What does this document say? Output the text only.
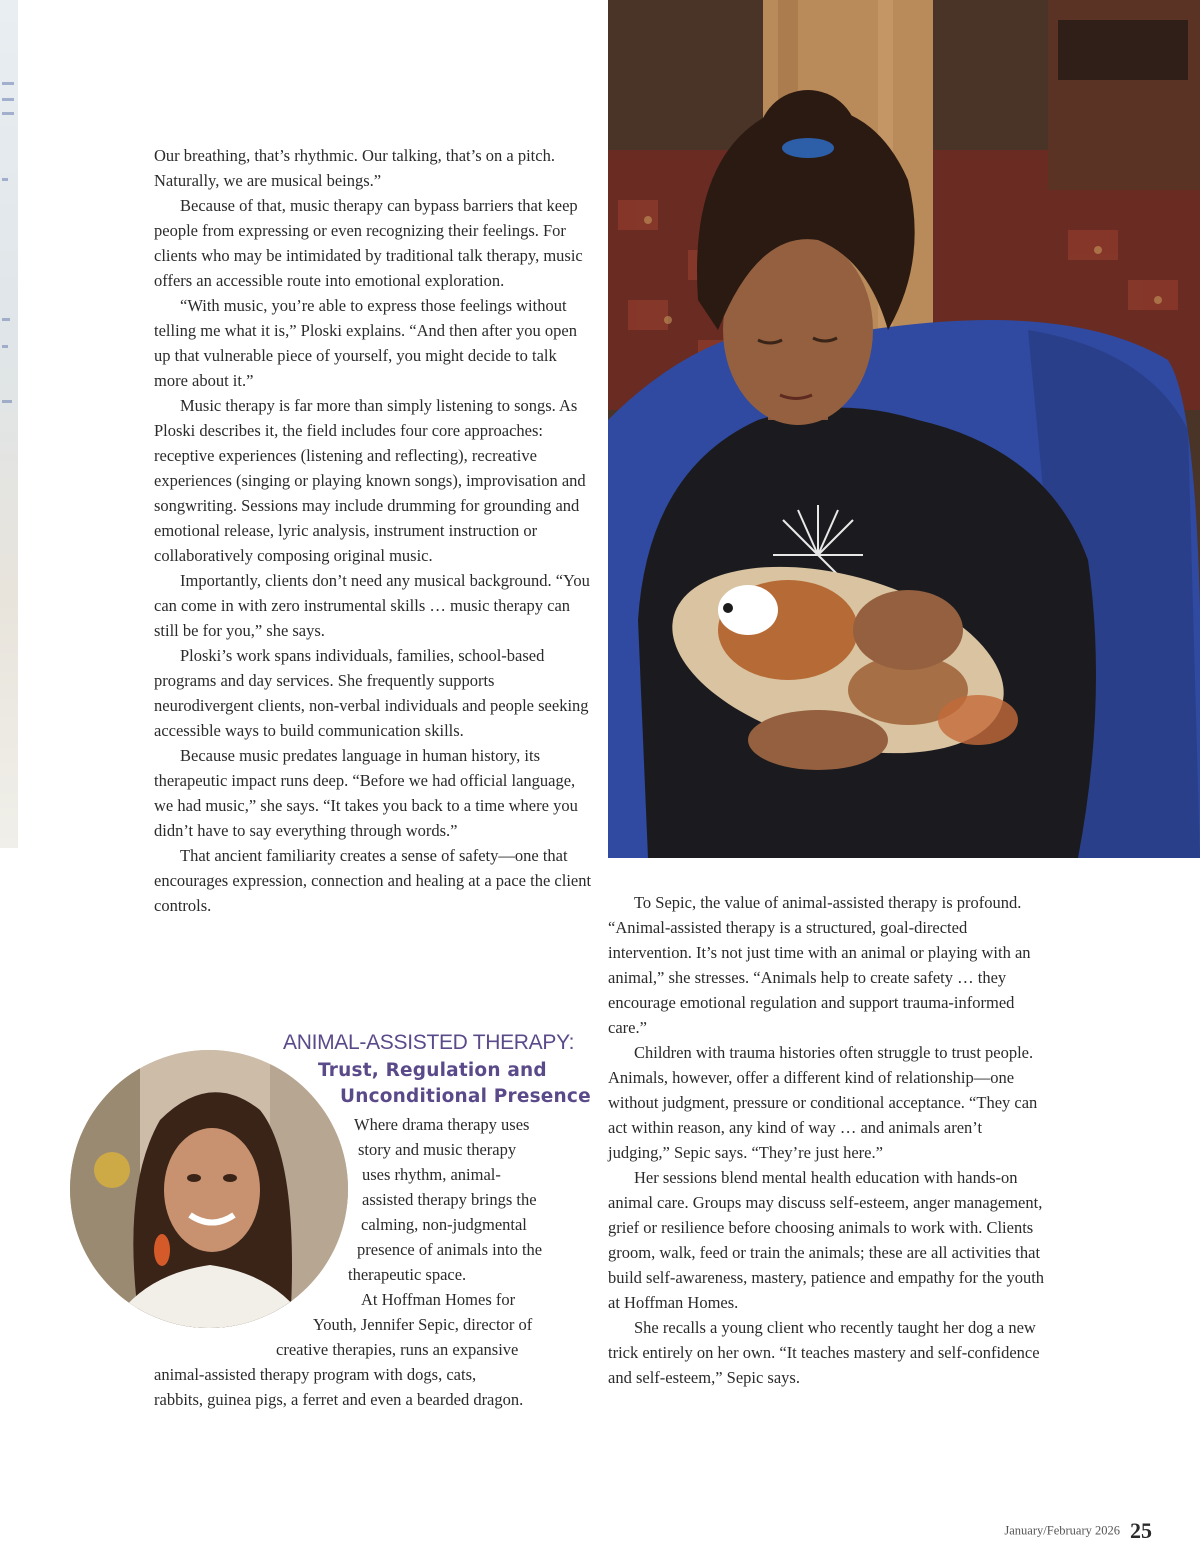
Our breathing, that’s rhythmic. Our talking, that’s on a pitch. Naturally, we are musical beings.”

Because of that, music therapy can bypass barriers that keep people from expressing or even recognizing their feelings. For clients who may be intimidated by traditional talk therapy, music offers an accessible route into emotional exploration.

“With music, you’re able to express those feelings without telling me what it is,” Ploski explains. “And then after you open up that vulnerable piece of yourself, you might decide to talk more about it.”

Music therapy is far more than simply listening to songs. As Ploski describes it, the field includes four core approaches: receptive experiences (listening and reflecting), recreative experiences (singing or playing known songs), improvisation and songwriting. Sessions may include drumming for grounding and emotional release, lyric analysis, instrument instruction or collaboratively composing original music.

Importantly, clients don’t need any musical background. “You can come in with zero instrumental skills … music therapy can still be for you,” she says.

Ploski’s work spans individuals, families, school-based programs and day services. She frequently supports neurodivergent clients, non-verbal individuals and people seeking accessible ways to build communication skills.

Because music predates language in human history, its therapeutic impact runs deep. “Before we had official language, we had music,” she says. “It takes you back to a time where you didn’t have to say everything through words.”

That ancient familiarity creates a sense of safety—one that encourages expression, connection and healing at a pace the client controls.

ANIMAL-ASSISTED THERAPY:
Trust, Regulation and
Unconditional Presence
Where drama therapy uses
story and music therapy
uses rhythm, animal-
assisted therapy brings the
calming, non-judgmental
presence of animals into the
therapeutic space.
At Hoffman Homes for
Youth, Jennifer Sepic, director of
creative therapies, runs an expansive
animal-assisted therapy program with dogs, cats,
rabbits, guinea pigs, a ferret and even a bearded dragon.

To Sepic, the value of animal-assisted therapy is profound. “Animal-assisted therapy is a structured, goal-directed intervention. It’s not just time with an animal or playing with an animal,” she stresses. “Animals help to create safety … they encourage emotional regulation and support trauma-informed care.”

Children with trauma histories often struggle to trust people. Animals, however, offer a different kind of relationship—one without judgment, pressure or conditional acceptance. “They can act within reason, any kind of way … and animals aren’t judging,” Sepic says. “They’re just here.”

Her sessions blend mental health education with hands-on animal care. Groups may discuss self-esteem, anger management, grief or resilience before choosing animals to work with. Clients groom, walk, feed or train the animals; these are all activities that build self-awareness, mastery, patience and empathy for the youth at Hoffman Homes.

She recalls a young client who recently taught her dog a new trick entirely on her own. “It teaches mastery and self-confidence and self-esteem,” Sepic says.

January/February 2026 25
